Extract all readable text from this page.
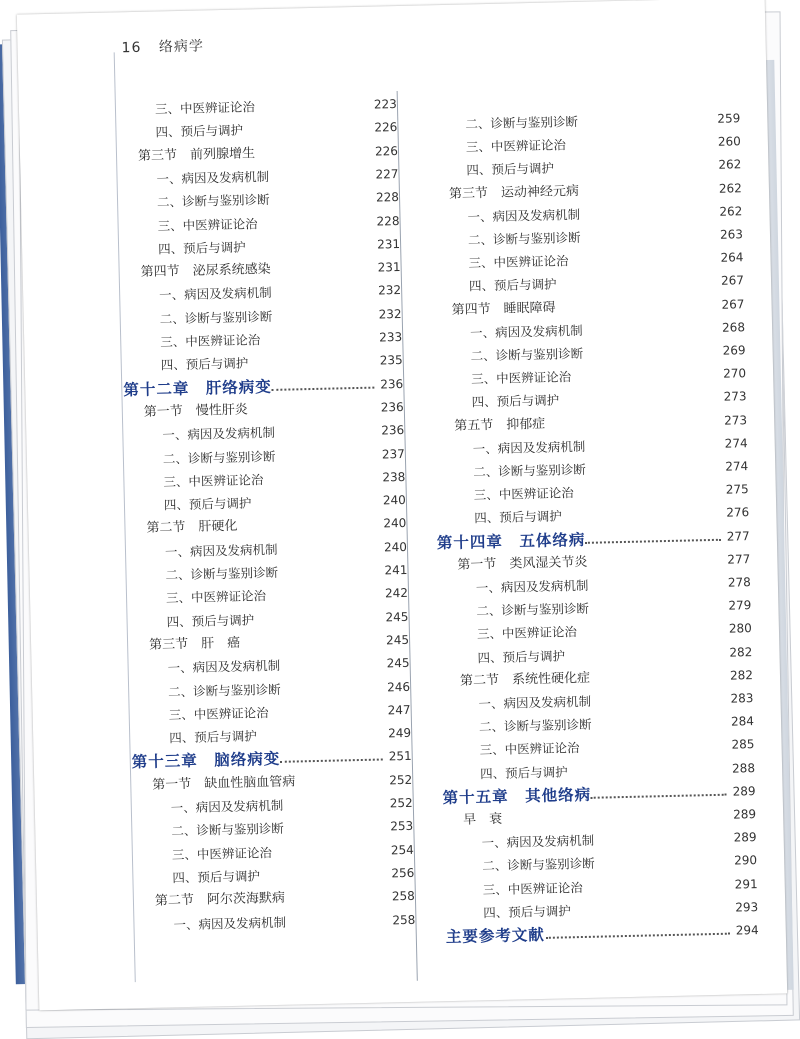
16 络病学
三、中医辨证论治	223
四、预后与调护	226
第三节　前列腺增生	226
一、病因及发病机制	227
二、诊断与鉴别诊断	228
三、中医辨证论治	228
四、预后与调护	231
第四节　泌尿系统感染	231
一、病因及发病机制	232
二、诊断与鉴别诊断	232
三、中医辨证论治	233
四、预后与调护	235
第十二章　肝络病变	236
第一节　慢性肝炎	236
一、病因及发病机制	236
二、诊断与鉴别诊断	237
三、中医辨证论治	238
四、预后与调护	240
第二节　肝硬化	240
一、病因及发病机制	240
二、诊断与鉴别诊断	241
三、中医辨证论治	242
四、预后与调护	245
第三节　肝　癌	245
一、病因及发病机制	245
二、诊断与鉴别诊断	246
三、中医辨证论治	247
四、预后与调护	249
第十三章　脑络病变	251
第一节　缺血性脑血管病	252
一、病因及发病机制	252
二、诊断与鉴别诊断	253
三、中医辨证论治	254
四、预后与调护	256
第二节　阿尔茨海默病	258
一、病因及发病机制	258
二、诊断与鉴别诊断	259
三、中医辨证论治	260
四、预后与调护	262
第三节　运动神经元病	262
一、病因及发病机制	262
二、诊断与鉴别诊断	263
三、中医辨证论治	264
四、预后与调护	267
第四节　睡眠障碍	267
一、病因及发病机制	268
二、诊断与鉴别诊断	269
三、中医辨证论治	270
四、预后与调护	273
第五节　抑郁症	273
一、病因及发病机制	274
二、诊断与鉴别诊断	274
三、中医辨证论治	275
四、预后与调护	276
第十四章　五体络病	277
第一节　类风湿关节炎	277
一、病因及发病机制	278
二、诊断与鉴别诊断	279
三、中医辨证论治	280
四、预后与调护	282
第二节　系统性硬化症	282
一、病因及发病机制	283
二、诊断与鉴别诊断	284
三、中医辨证论治	285
四、预后与调护	288
第十五章　其他络病	289
早　衰	289
一、病因及发病机制	289
二、诊断与鉴别诊断	290
三、中医辨证论治	291
四、预后与调护	293
主要参考文献	294
